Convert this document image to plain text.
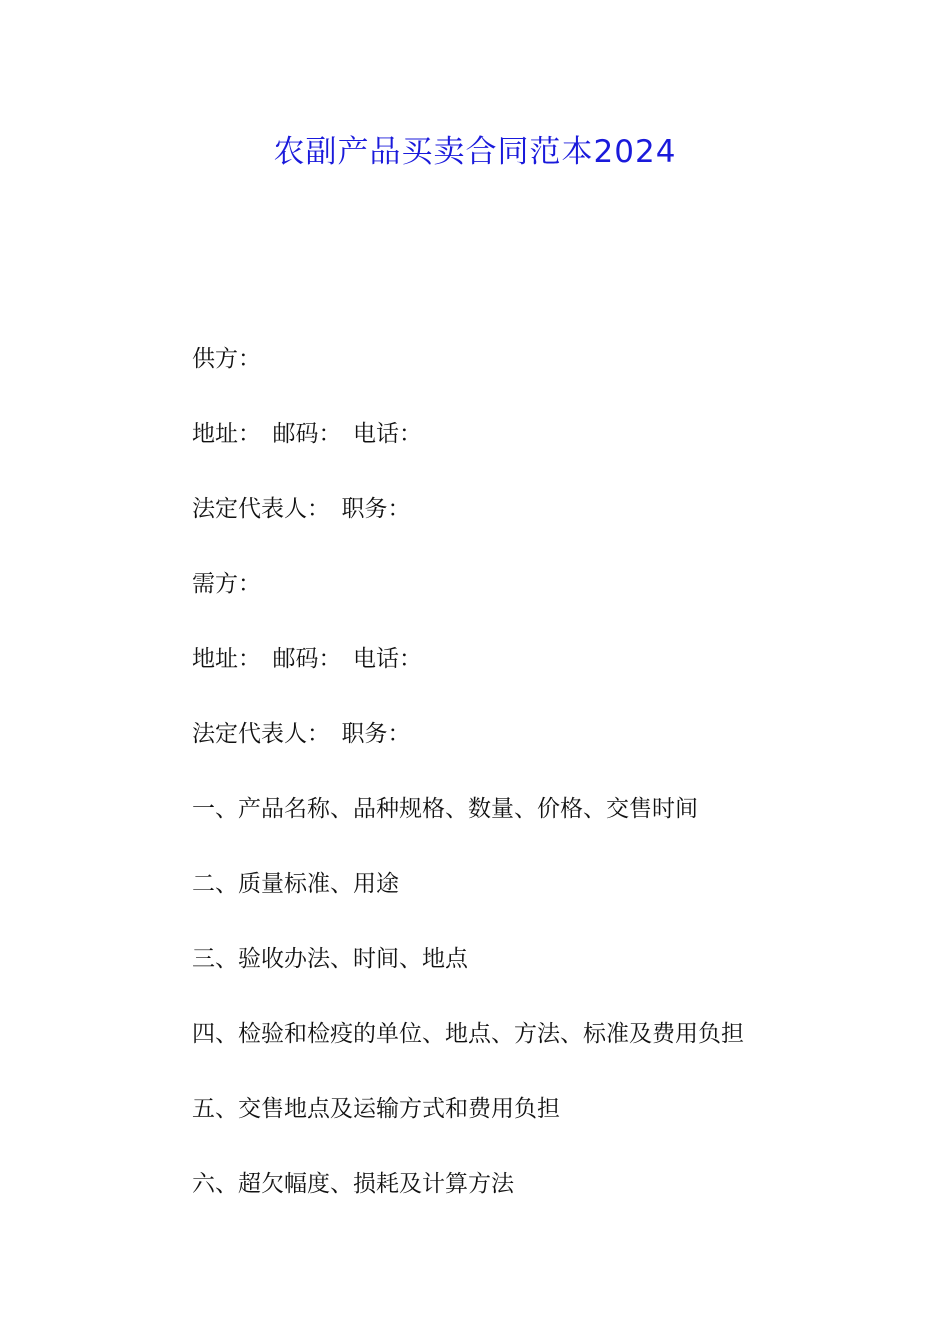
农副产品买卖合同范本2024
供方：
地址：　邮码：　电话：
法定代表人：　职务：
需方：
地址：　邮码：　电话：
法定代表人：　职务：
一、产品名称、品种规格、数量、价格、交售时间
二、质量标准、用途
三、验收办法、时间、地点
四、检验和检疫的单位、地点、方法、标准及费用负担
五、交售地点及运输方式和费用负担
六、超欠幅度、损耗及计算方法
